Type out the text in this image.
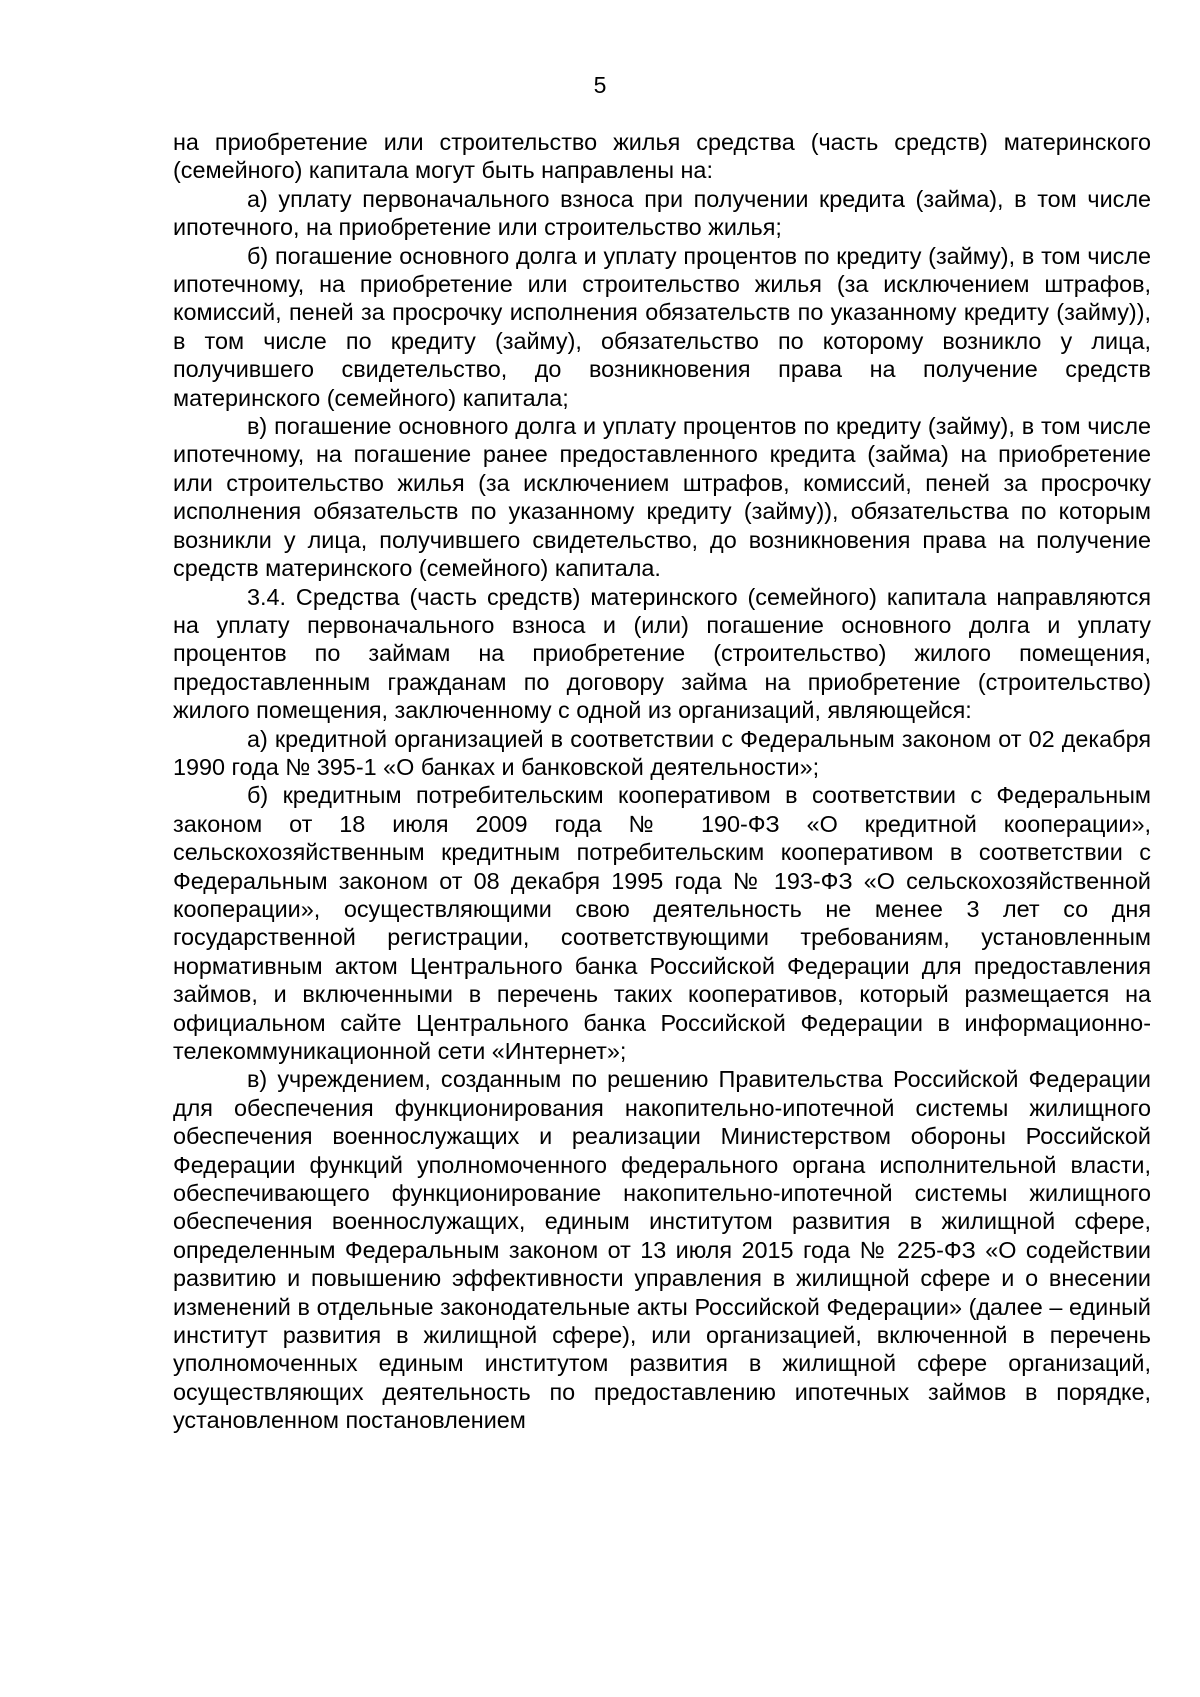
5

на приобретение или строительство жилья средства (часть средств) материнского (семейного) капитала могут быть направлены на:

а) уплату первоначального взноса при получении кредита (займа), в том числе ипотечного, на приобретение или строительство жилья;

б) погашение основного долга и уплату процентов по кредиту (займу), в том числе ипотечному, на приобретение или строительство жилья (за исключением штрафов, комиссий, пеней за просрочку исполнения обязательств по указанному кредиту (займу)), в том числе по кредиту (займу), обязательство по которому возникло у лица, получившего свидетельство, до возникновения права на получение средств материнского (семейного) капитала;

в) погашение основного долга и уплату процентов по кредиту (займу), в том числе ипотечному, на погашение ранее предоставленного кредита (займа) на приобретение или строительство жилья (за исключением штрафов, комиссий, пеней за просрочку исполнения обязательств по указанному кредиту (займу)), обязательства по которым возникли у лица, получившего свидетельство, до возникновения права на получение средств материнского (семейного) капитала.

3.4. Средства (часть средств) материнского (семейного) капитала направляются на уплату первоначального взноса и (или) погашение основного долга и уплату процентов по займам на приобретение (строительство) жилого помещения, предоставленным гражданам по договору займа на приобретение (строительство) жилого помещения, заключенному с одной из организаций, являющейся:

а) кредитной организацией в соответствии с Федеральным законом от 02 декабря 1990 года № 395-1 «О банках и банковской деятельности»;

б) кредитным потребительским кооперативом в соответствии с Федеральным законом от 18 июля 2009 года № 190-ФЗ «О кредитной кооперации», сельскохозяйственным кредитным потребительским кооперативом в соответствии с Федеральным законом от 08 декабря 1995 года № 193-ФЗ «О сельскохозяйственной кооперации», осуществляющими свою деятельность не менее 3 лет со дня государственной регистрации, соответствующими требованиям, установленным нормативным актом Центрального банка Российской Федерации для предоставления займов, и включенными в перечень таких кооперативов, который размещается на официальном сайте Центрального банка Российской Федерации в информационно-телекоммуникационной сети «Интернет»;

в) учреждением, созданным по решению Правительства Российской Федерации для обеспечения функционирования накопительно-ипотечной системы жилищного обеспечения военнослужащих и реализации Министерством обороны Российской Федерации функций уполномоченного федерального органа исполнительной власти, обеспечивающего функционирование накопительно-ипотечной системы жилищного обеспечения военнослужащих, единым институтом развития в жилищной сфере, определенным Федеральным законом от 13 июля 2015 года № 225-ФЗ «О содействии развитию и повышению эффективности управления в жилищной сфере и о внесении изменений в отдельные законодательные акты Российской Федерации» (далее – единый институт развития в жилищной сфере), или организацией, включенной в перечень уполномоченных единым институтом развития в жилищной сфере организаций, осуществляющих деятельность по предоставлению ипотечных займов в порядке, установленном постановлением
